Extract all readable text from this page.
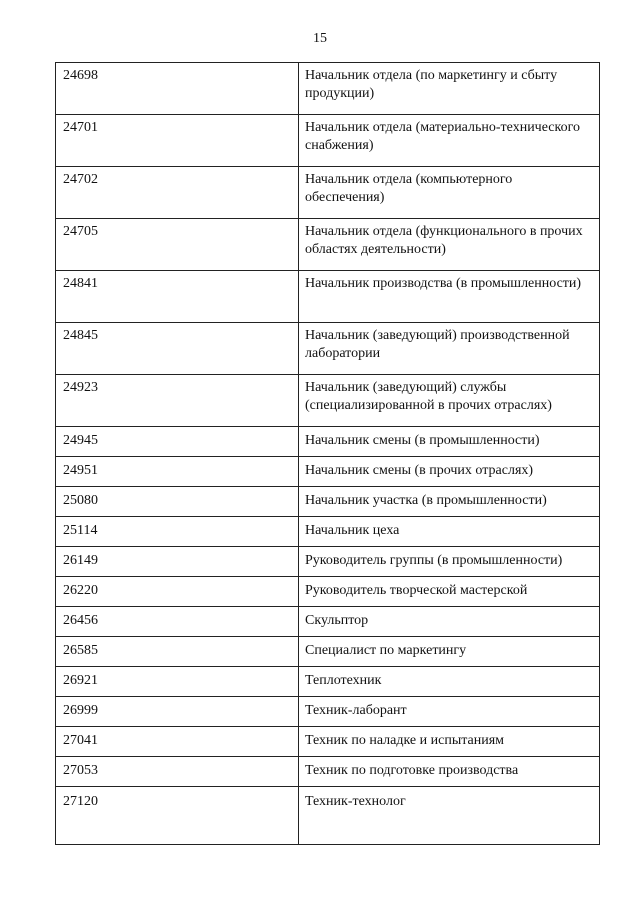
15
24698	Начальник отдела (по маркетингу и сбыту продукции)
24701	Начальник отдела (материально-технического снабжения)
24702	Начальник отдела (компьютерного обеспечения)
24705	Начальник отдела (функционального в прочих областях деятельности)
24841	Начальник производства (в промышленности)
24845	Начальник (заведующий) производственной лаборатории
24923	Начальник (заведующий) службы (специализированной в прочих отраслях)
24945	Начальник смены (в промышленности)
24951	Начальник смены (в прочих отраслях)
25080	Начальник участка (в промышленности)
25114	Начальник цеха
26149	Руководитель группы (в промышленности)
26220	Руководитель творческой мастерской
26456	Скульптор
26585	Специалист по маркетингу
26921	Теплотехник
26999	Техник-лаборант
27041	Техник по наладке и испытаниям
27053	Техник по подготовке производства
27120	Техник-технолог
